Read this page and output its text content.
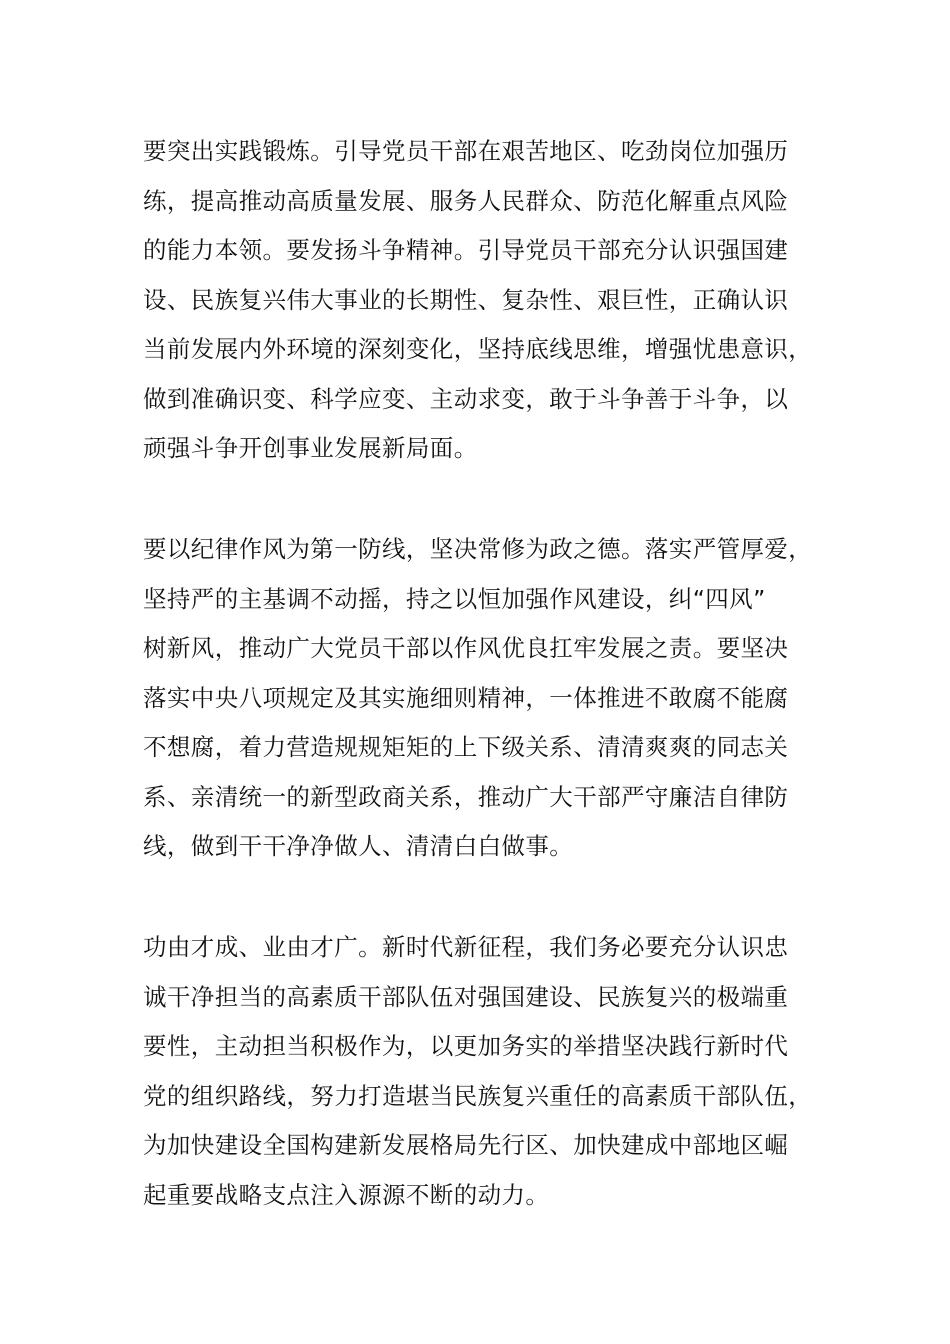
要突出实践锻炼。引导党员干部在艰苦地区、吃劲岗位加强历
练，提高推动高质量发展、服务人民群众、防范化解重点风险
的能力本领。要发扬斗争精神。引导党员干部充分认识强国建
设、民族复兴伟大事业的长期性、复杂性、艰巨性，正确认识
当前发展内外环境的深刻变化，坚持底线思维，增强忧患意识，
做到准确识变、科学应变、主动求变，敢于斗争善于斗争，以
顽强斗争开创事业发展新局面。
要以纪律作风为第一防线，坚决常修为政之德。落实严管厚爱，
坚持严的主基调不动摇，持之以恒加强作风建设，纠“四风”
树新风，推动广大党员干部以作风优良扛牢发展之责。要坚决
落实中央八项规定及其实施细则精神，一体推进不敢腐不能腐
不想腐，着力营造规规矩矩的上下级关系、清清爽爽的同志关
系、亲清统一的新型政商关系，推动广大干部严守廉洁自律防
线，做到干干净净做人、清清白白做事。
功由才成、业由才广。新时代新征程，我们务必要充分认识忠
诚干净担当的高素质干部队伍对强国建设、民族复兴的极端重
要性，主动担当积极作为，以更加务实的举措坚决践行新时代
党的组织路线，努力打造堪当民族复兴重任的高素质干部队伍，
为加快建设全国构建新发展格局先行区、加快建成中部地区崛
起重要战略支点注入源源不断的动力。
